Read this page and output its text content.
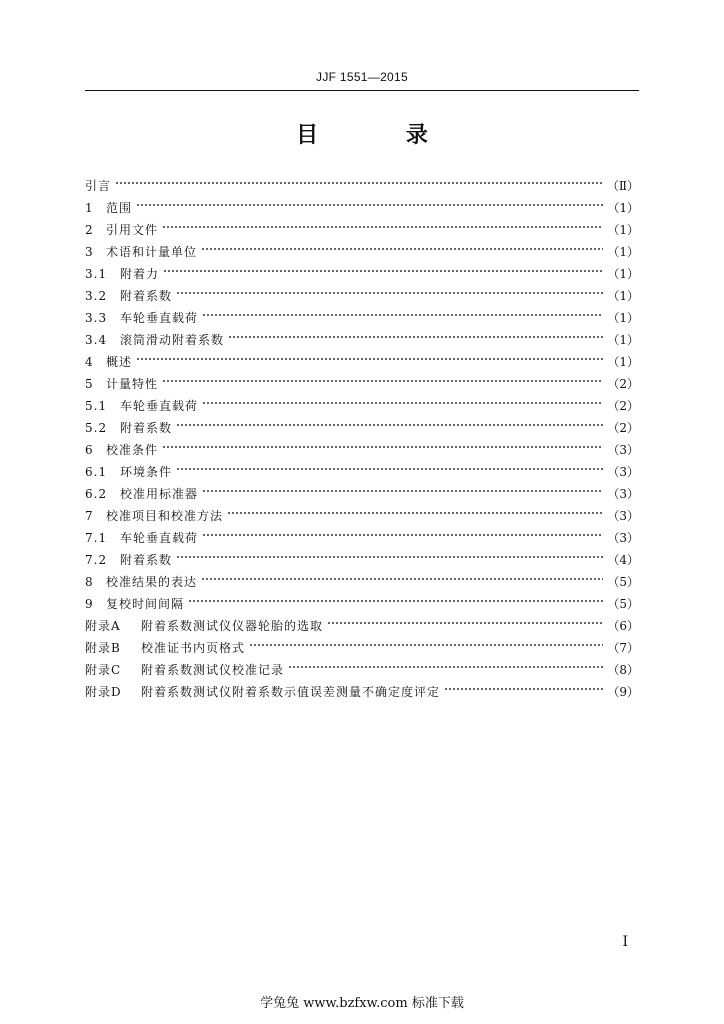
JJF 1551—2015
目 录
引言	（Ⅱ）
1	范围	（1）
2	引用文件	（1）
3	术语和计量单位	（1）
3.1	附着力	（1）
3.2	附着系数	（1）
3.3	车轮垂直载荷	（1）
3.4	滚筒滑动附着系数	（1）
4	概述	（1）
5	计量特性	（2）
5.1	车轮垂直载荷	（2）
5.2	附着系数	（2）
6	校准条件	（3）
6.1	环境条件	（3）
6.2	校准用标准器	（3）
7	校准项目和校准方法	（3）
7.1	车轮垂直载荷	（3）
7.2	附着系数	（4）
8	校准结果的表达	（5）
9	复校时间间隔	（5）
附录A	附着系数测试仪仪器轮胎的选取	（6）
附录B	校准证书内页格式	（7）
附录C	附着系数测试仪校准记录	（8）
附录D	附着系数测试仪附着系数示值误差测量不确定度评定	（9）
I
学兔兔 www.bzfxw.com 标准下载
